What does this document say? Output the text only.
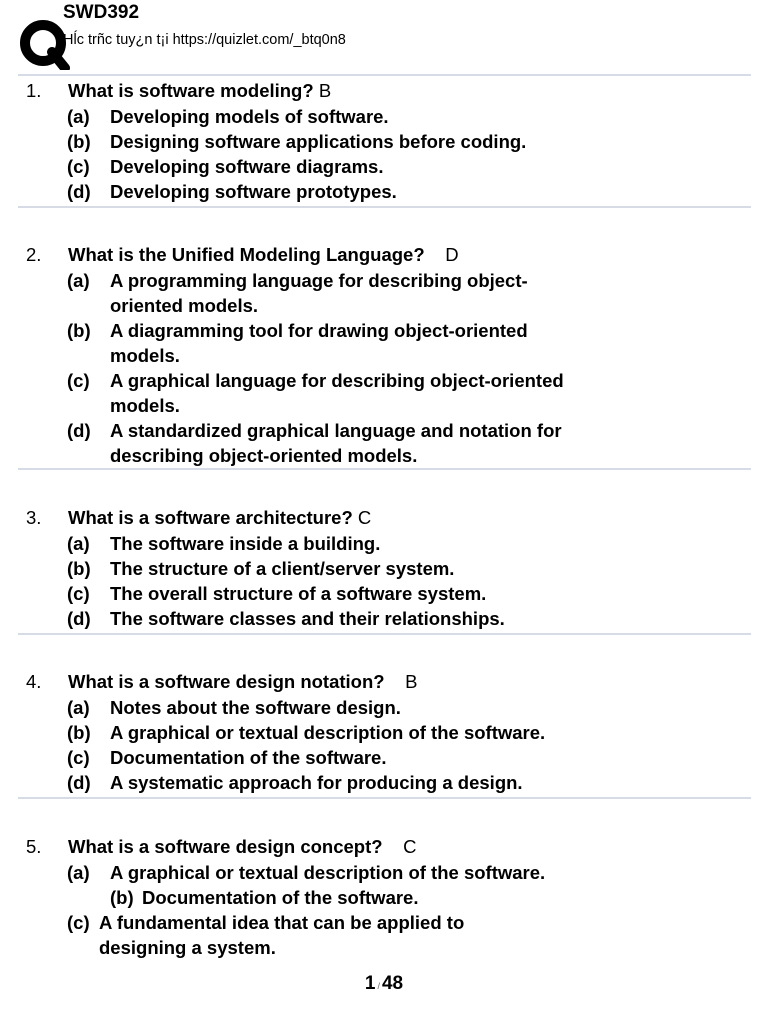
SWD392
Hĺc trñc tuy¿n t¡i https://quizlet.com/_btq0n8
1. What is software modeling? B
(a) Developing models of software.
(b) Designing software applications before coding.
(c) Developing software diagrams.
(d) Developing software prototypes.
2. What is the Unified Modeling Language? D
(a) A programming language for describing object-oriented models.
(b) A diagramming tool for drawing object-oriented models.
(c) A graphical language for describing object-oriented models.
(d) A standardized graphical language and notation for describing object-oriented models.
3. What is a software architecture? C
(a) The software inside a building.
(b) The structure of a client/server system.
(c) The overall structure of a software system.
(d) The software classes and their relationships.
4. What is a software design notation? B
(a) Notes about the software design.
(b) A graphical or textual description of the software.
(c) Documentation of the software.
(d) A systematic approach for producing a design.
5. What is a software design concept? C
(a) A graphical or textual description of the software.
(b) Documentation of the software.
(c) A fundamental idea that can be applied to designing a system.
1 / 48
